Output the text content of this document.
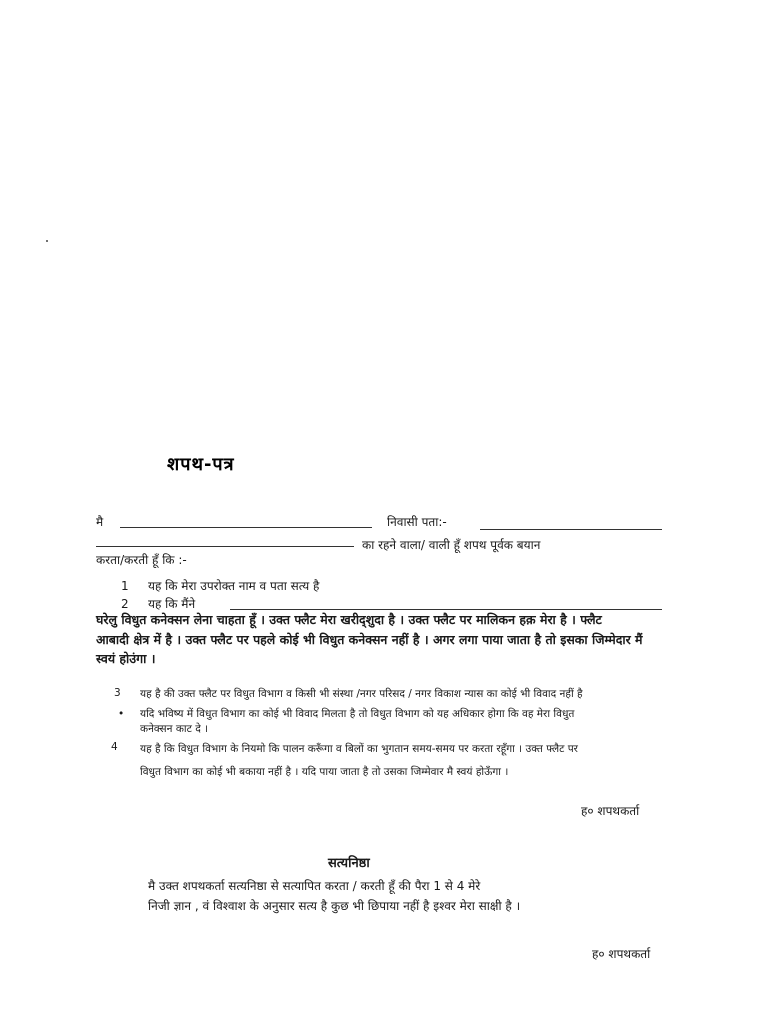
शपथ-पत्र
मै	निवासी पता:-
का रहने वाला/ वाली हूँ शपथ पूर्वक बयान
करता/करती हूँ कि :-
1 यह कि मेरा उपरोक्त नाम व पता सत्य है
2 यह कि मैंने
घरेलु विधुत कनेक्सन लेना चाहता हूँ । उक्त फ्लैट मेरा खरीद्शुदा है । उक्त फ्लैट पर मालिकन हक़ मेरा है । फ्लैट
आबादी क्षेत्र में है । उक्त फ्लैट पर पहले कोई भी विधुत कनेक्सन नहीं है । अगर लगा पाया जाता है तो इसका जिम्मेदार मैं
स्वयं होउंगा ।
3 यह है की उक्त फ्लैट पर विधुत विभाग व किसी भी संस्था /नगर परिसद / नगर विकाश न्यास का कोई भी विवाद नहीं है
• यदि भविष्य में विधुत विभाग का कोई भी विवाद मिलता है तो विधुत विभाग को यह अधिकार होगा कि वह मेरा विधुत
कनेक्सन काट दे ।
4 यह है कि विधुत विभाग के नियमो कि पालन करूँगा व बिलों का भुगतान समय-समय पर करता रहूँगा । उक्त फ्लैट पर
विधुत विभाग का कोई भी बकाया नहीं है । यदि पाया जाता है तो उसका जिम्मेवार मै स्वयं होऊँगा ।
ह० शपथकर्ता
सत्यनिष्ठा
मै उक्त शपथकर्ता सत्यनिष्ठा से सत्यापित करता / करती हूँ की पैरा 1 से 4 मेरे
निजी ज्ञान , वं विश्वाश के अनुसार सत्य है कुछ भी छिपाया नहीं है इश्वर मेरा साक्षी है ।
ह० शपथकर्ता
